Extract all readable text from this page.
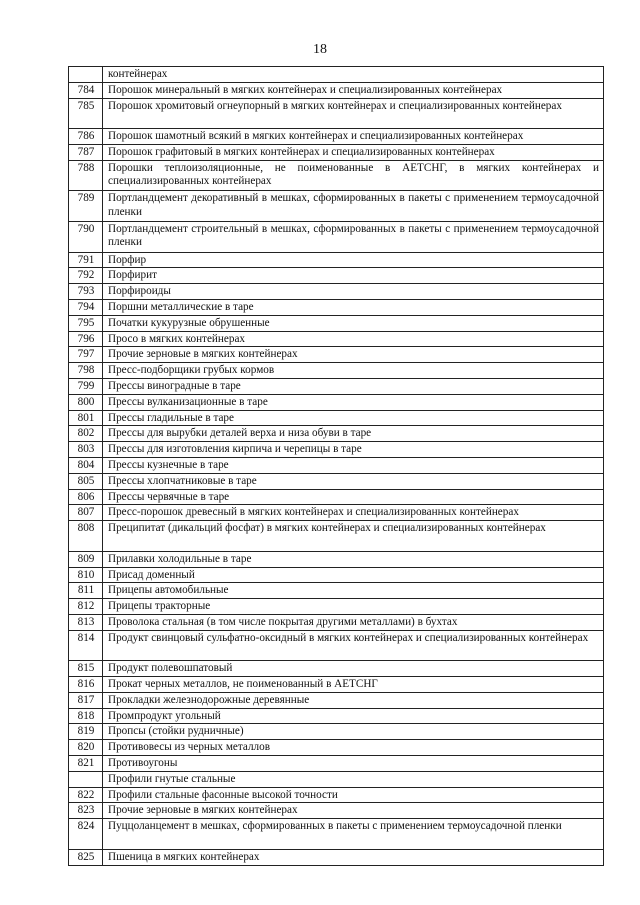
18
	контейнерах
784	Порошок минеральный в мягких контейнерах и специализированных контейнерах
785	Порошок хромитовый огнеупорный в мягких контейнерах и специализированных контейнерах
786	Порошок шамотный всякий в мягких контейнерах и специализированных контейнерах
787	Порошок графитовый в мягких контейнерах и специализированных контейнерах
788	Порошки теплоизоляционные, не поименованные в АЕТСНГ, в мягких контейнерах и специализированных контейнерах
789	Портландцемент декоративный в мешках, сформированных в пакеты с применением термоусадочной пленки
790	Портландцемент строительный в мешках, сформированных в пакеты с применением термоусадочной пленки
791	Порфир
792	Порфирит
793	Порфироиды
794	Поршни металлические в таре
795	Початки кукурузные обрушенные
796	Просо в мягких контейнерах
797	Прочие зерновые в мягких контейнерах
798	Пресс-подборщики грубых кормов
799	Прессы виноградные в таре
800	Прессы вулканизационные в таре
801	Прессы гладильные в таре
802	Прессы для вырубки деталей верха и низа обуви в таре
803	Прессы для изготовления кирпича и черепицы в таре
804	Прессы кузнечные в таре
805	Прессы хлопчатниковые в таре
806	Прессы червячные в таре
807	Пресс-порошок древесный в мягких контейнерах и специализированных контейнерах
808	Преципитат (дикальций фосфат) в мягких контейнерах и специализированных контейнерах
809	Прилавки холодильные в таре
810	Присад доменный
811	Прицепы автомобильные
812	Прицепы тракторные
813	Проволока стальная (в том числе покрытая другими металлами) в бухтах
814	Продукт свинцовый сульфатно-оксидный в мягких контейнерах и специализированных контейнерах
815	Продукт полевошпатовый
816	Прокат черных металлов, не поименованный в АЕТСНГ
817	Прокладки железнодорожные деревянные
818	Промпродукт угольный
819	Пропсы (стойки рудничные)
820	Противовесы из черных металлов
821	Противоугоны
	Профили гнутые стальные
822	Профили стальные фасонные высокой точности
823	Прочие зерновые в мягких контейнерах
824	Пуццоланцемент в мешках, сформированных в пакеты с применением термоусадочной пленки
825	Пшеница в мягких контейнерах
